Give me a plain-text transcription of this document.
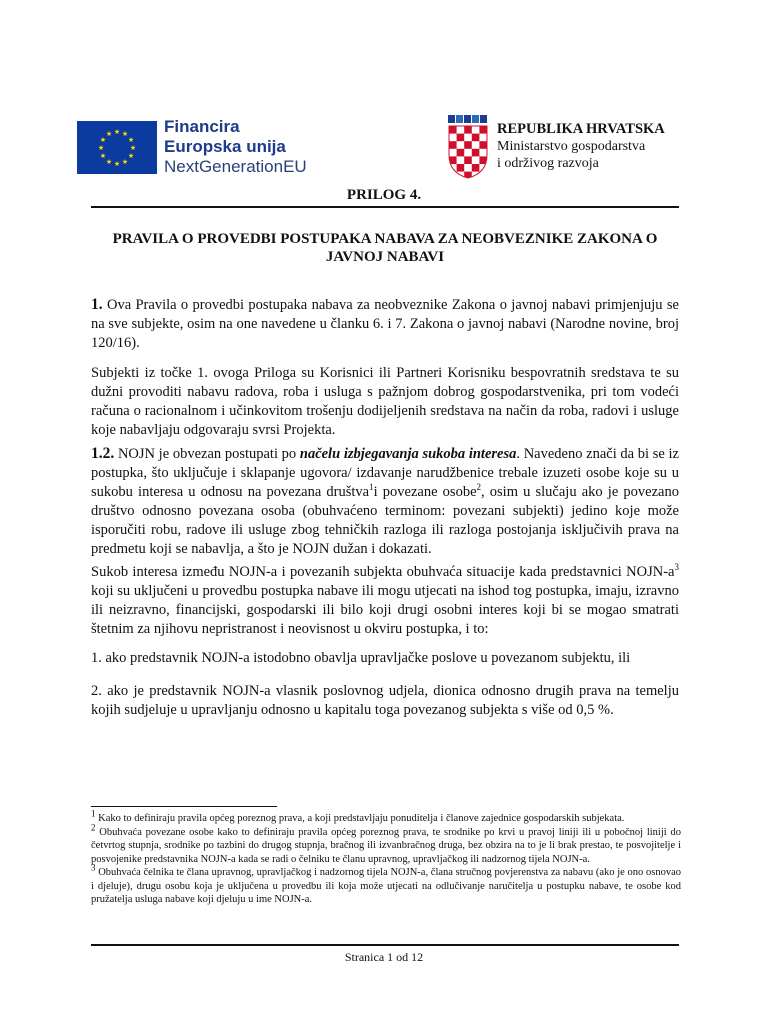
★ ★
★
★
★
★
★
★
★
★
★
★	Financira
Europska unija
NextGenerationEU
REPUBLIKA HRVATSKA
Ministarstvo gospodarstva
i održivog razvoja
PRILOG 4.
PRAVILA O PROVEDBI POSTUPAKA NABAVA ZA NEOBVEZNIKE ZAKONA O JAVNOJ NABAVI
1. Ova Pravila o provedbi postupaka nabava za neobveznike Zakona o javnoj nabavi primjenjuju se na sve subjekte, osim na one navedene u članku 6. i 7. Zakona o javnoj nabavi (Narodne novine, broj 120/16).
Subjekti iz točke 1. ovoga Priloga su Korisnici ili Partneri Korisniku bespovratnih sredstava te su dužni provoditi nabavu radova, roba i usluga s pažnjom dobrog gospodarstvenika, pri tom vodeći računa o racionalnom i učinkovitom trošenju dodijeljenih sredstava na način da roba, radovi i usluge koje nabavljaju odgovaraju svrsi Projekta.
1.2. NOJN je obvezan postupati po načelu izbjegavanja sukoba interesa. Navedeno znači da bi se iz postupka, što uključuje i sklapanje ugovora/ izdavanje narudžbenice trebale izuzeti osobe koje su u sukobu interesa u odnosu na povezana društva$^1$i povezane osobe$^2$, osim u slučaju ako je povezano društvo odnosno povezana osoba (obuhvaćeno terminom: povezani subjekti) jedino koje može isporučiti robu, radove ili usluge zbog tehničkih razloga ili razloga postojanja isključivih prava na predmetu koji se nabavlja, a što je NOJN dužan i dokazati.
Sukob interesa između NOJN-a i povezanih subjekta obuhvaća situacije kada predstavnici NOJN-$a^3$ koji su uključeni u provedbu postupka nabave ili mogu utjecati na ishod tog postupka, imaju, izravno ili neizravno, financijski, gospodarski ili bilo koji drugi osobni interes koji bi se mogao smatrati štetnim za njihovu nepristranost i neovisnost u okviru postupka, i to:
1. ako predstavnik NOJN-a istodobno obavlja upravljačke poslove u povezanom subjektu, ili
2. ako je predstavnik NOJN-a vlasnik poslovnog udjela, dionica odnosno drugih prava na temelju kojih sudjeluje u upravljanju odnosno u kapitalu toga povezanog subjekta s više od 0,5 %.

$^1$ Kako to definiraju pravila općeg poreznog prava, a koji predstavljaju ponuditelja i članove zajednice gospodarskih subjekata.

$^2$ Obuhvaća povezane osobe kako to definiraju pravila općeg poreznog prava, te srodnike po krvi u pravoj liniji ili u pobočnoj liniji do četvrtog stupnja, srodnike po tazbini do drugog stupnja, bračnog ili izvanbračnog druga, bez obzira na to je li brak prestao, te posvojitelje i posvojenike predstavnika NOJN-a kada se radi o čelniku te članu upravnog, upravljačkog ili nadzornog tijela NOJN-a.

$^3$ Obuhvaća čelnika te člana upravnog, upravljačkog i nadzornog tijela NOJN-a, člana stručnog povjerenstva za nabavu (ako je ono osnovao i djeluje), drugu osobu koja je uključena u provedbu ili koja može utjecati na odlučivanje naručitelja u postupku nabave, te osobe kod pružatelja usluga nabave koji djeluju u ime NOJN-a.

Stranica 1 od 12
